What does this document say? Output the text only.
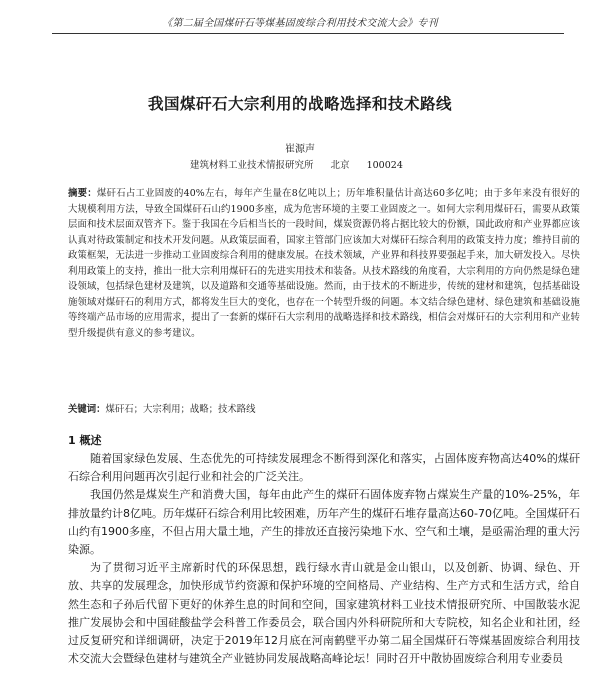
《第二届全国煤矸石等煤基固废综合利用技术交流大会》专刊
我国煤矸石大宗利用的战略选择和技术路线
崔源声
建筑材料工业技术情报研究所 北京 100024
摘要：煤矸石占工业固废的40%左右，每年产生量在8亿吨以上；历年堆积量估计高达60多亿吨；由于多年来没有很好的大规模利用方法，导致全国煤矸石山约1900多座，成为危害环境的主要工业固废之一。如何大宗利用煤矸石，需要从政策层面和技术层面双管齐下。鉴于我国在今后相当长的一段时间，煤炭资源仍将占据比较大的份额，国此政府和产业界都应该认真对待政策制定和技术开发问题。从政策层面看，国家主管部门应该加大对煤矸石综合利用的政策支持力度；维持目前的政策框架，无法进一步推动工业固废综合利用的健康发展。在技术领域，产业界和科技界要强起手来，加大研发投入。尽快利用政策上的支持，推出一批大宗利用煤矸石的先进实用技术和装备。从技术路线的角度看，大宗利用的方向仍然是绿色建设领域，包括绿色建材及建筑，以及道路和交通等基础设施。然而，由于技术的不断进步，传统的建材和建筑，包括基础设施领域对煤矸石的利用方式，都将发生巨大的变化，也存在一个转型升级的问题。本文结合绿色建材、绿色建筑和基础设施等终端产品市场的应用需求，提出了一套新的煤矸石大宗利用的战略选择和技术路线，相信会对煤矸石的大宗利用和产业转型升级提供有意义的参考建议。
关键词：煤矸石；大宗利用；战略；技术路线
1 概述

随着国家绿色发展、生态优先的可持续发展理念不断得到深化和落实，占固体废弃物高达40%的煤矸石综合利用问题再次引起行业和社会的广泛关注。

我国仍然是煤炭生产和消费大国，每年由此产生的煤矸石固体废弃物占煤炭生产量的10%-25%，年排放量约计8亿吨。历年煤矸石综合利用比较困难，历年产生的煤矸石堆存量高达60-70亿吨。全国煤矸石山约有1900多座，不但占用大量土地，产生的排放还直接污染地下水、空气和土壤，是亟需治理的重大污染源。

为了贯彻习近平主席新时代的环保思想，践行绿水青山就是金山银山，以及创新、协调、绿色、开放、共享的发展理念，加快形成节约资源和保护环境的空间格局、产业结构、生产方式和生活方式，给自然生态和子孙后代留下更好的休养生息的时间和空间，国家建筑材料工业技术情报研究所、中国散装水泥推广发展协会和中国硅酸盐学会科普工作委员会，联合国内外科研院所和大专院校，知名企业和社团，经过反复研究和详细调研，决定于2019年12月底在河南鹤壁平办第二届全国煤矸石等煤基固废综合利用技术交流大会暨绿色建材与建筑全产业链协同发展战略高峰论坛！同时召开中散协固废综合利用专业委员
